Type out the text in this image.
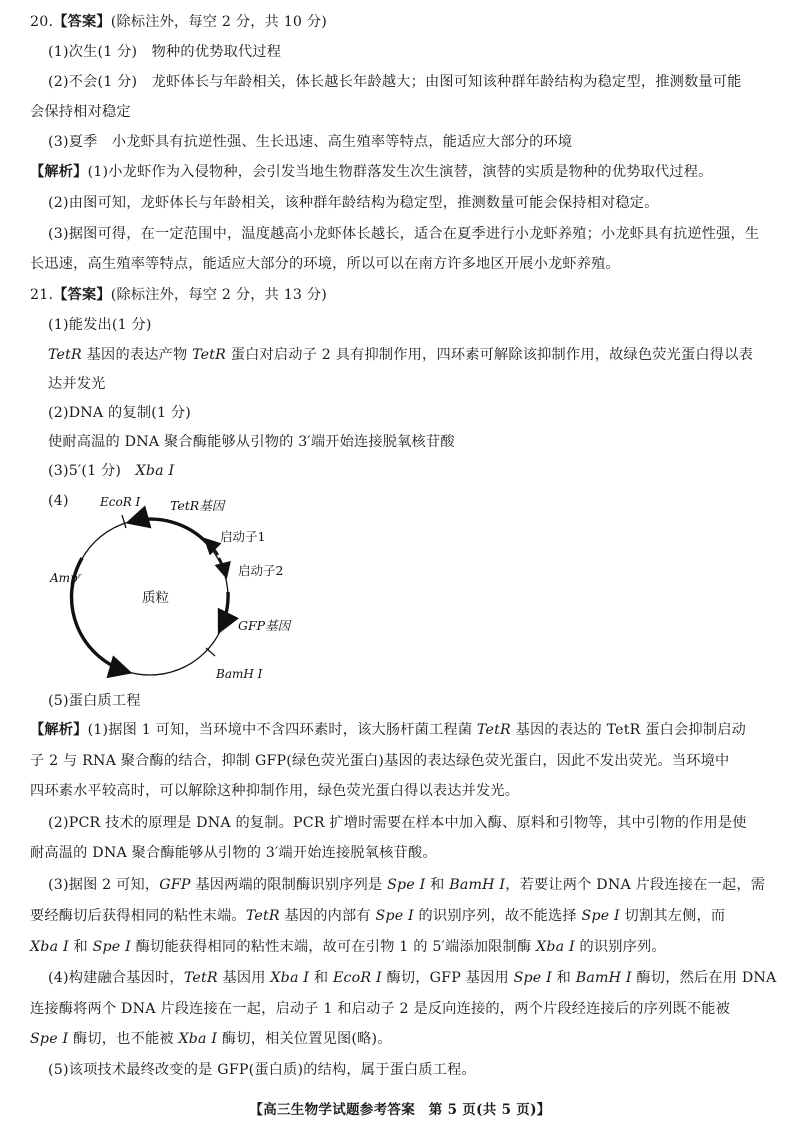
20.【答案】(除标注外，每空 2 分，共 10 分)
(1)次生(1 分)　物种的优势取代过程
(2)不会(1 分)　龙虾体长与年龄相关，体长越长年龄越大；由图可知该种群年龄结构为稳定型，推测数量可能
会保持相对稳定
(3)夏季　小龙虾具有抗逆性强、生长迅速、高生殖率等特点，能适应大部分的环境
【解析】(1)小龙虾作为入侵物种，会引发当地生物群落发生次生演替，演替的实质是物种的优势取代过程。
(2)由图可知，龙虾体长与年龄相关，该种群年龄结构为稳定型，推测数量可能会保持相对稳定。
(3)据图可得，在一定范围中，温度越高小龙虾体长越长，适合在夏季进行小龙虾养殖；小龙虾具有抗逆性强，生
长迅速，高生殖率等特点，能适应大部分的环境，所以可以在南方许多地区开展小龙虾养殖。
21.【答案】(除标注外，每空 2 分，共 13 分)
(1)能发出(1 分)
TetR 基因的表达产物 TetR 蛋白对启动子 2 具有抑制作用，四环素可解除该抑制作用，故绿色荧光蛋白得以表
达并发光
(2)DNA 的复制(1 分)
使耐高温的 DNA 聚合酶能够从引物的 3′端开始连接脱氧核苷酸
(3)5′(1 分)　Xba Ⅰ
(4)	EcoR Ⅰ TetR基因
启动子1
启动子2
GFP基因
BamH Ⅰ
Ampʳ
质粒
(5)蛋白质工程
【解析】(1)据图 1 可知，当环境中不含四环素时，该大肠杆菌工程菌 TetR 基因的表达的 TetR 蛋白会抑制启动
子 2 与 RNA 聚合酶的结合，抑制 GFP(绿色荧光蛋白)基因的表达绿色荧光蛋白，因此不发出荧光。当环境中
四环素水平较高时，可以解除这种抑制作用，绿色荧光蛋白得以表达并发光。
(2)PCR 技术的原理是 DNA 的复制。PCR 扩增时需要在样本中加入酶、原料和引物等，其中引物的作用是使
耐高温的 DNA 聚合酶能够从引物的 3′端开始连接脱氧核苷酸。
(3)据图 2 可知，GFP 基因两端的限制酶识别序列是 Spe Ⅰ 和 BamH Ⅰ，若要让两个 DNA 片段连接在一起，需
要经酶切后获得相同的粘性末端。TetR 基因的内部有 Spe Ⅰ 的识别序列，故不能选择 Spe Ⅰ 切割其左侧，而
Xba Ⅰ 和 Spe Ⅰ 酶切能获得相同的粘性末端，故可在引物 1 的 5′端添加限制酶 Xba Ⅰ 的识别序列。
(4)构建融合基因时，TetR 基因用 Xba Ⅰ 和 EcoR Ⅰ 酶切，GFP 基因用 Spe Ⅰ 和 BamH Ⅰ 酶切，然后在用 DNA
连接酶将两个 DNA 片段连接在一起，启动子 1 和启动子 2 是反向连接的，两个片段经连接后的序列既不能被
Spe Ⅰ 酶切，也不能被 Xba Ⅰ 酶切，相关位置见图(略)。
(5)该项技术最终改变的是 GFP(蛋白质)的结构，属于蛋白质工程。
【高三生物学试题参考答案　第 5 页(共 5 页)】
